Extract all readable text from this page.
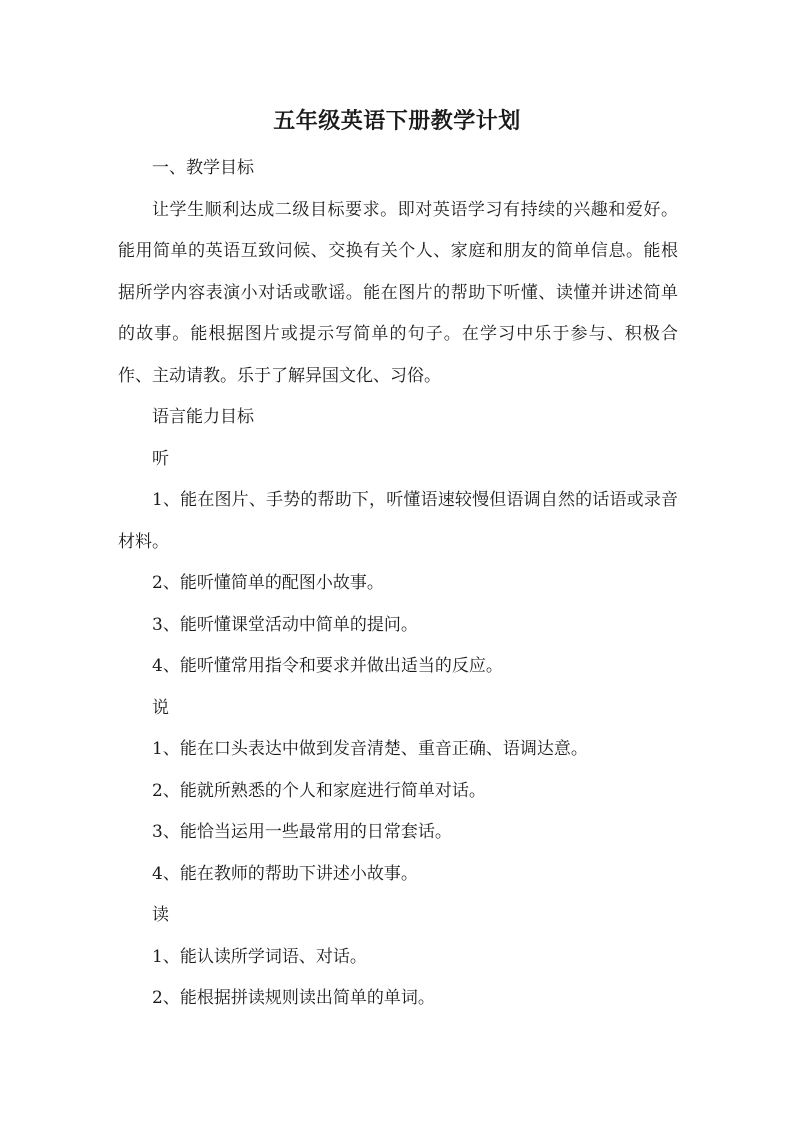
五年级英语下册教学计划

一、教学目标

让学生顺利达成二级目标要求。即对英语学习有持续的兴趣和爱好。能用简单的英语互致问候、交换有关个人、家庭和朋友的简单信息。能根据所学内容表演小对话或歌谣。能在图片的帮助下听懂、读懂并讲述简单的故事。能根据图片或提示写简单的句子。在学习中乐于参与、积极合作、主动请教。乐于了解异国文化、习俗。

语言能力目标

听

1、能在图片、手势的帮助下，听懂语速较慢但语调自然的话语或录音材料。

2、能听懂简单的配图小故事。

3、能听懂课堂活动中简单的提问。

4、能听懂常用指令和要求并做出适当的反应。

说

1、能在口头表达中做到发音清楚、重音正确、语调达意。

2、能就所熟悉的个人和家庭进行简单对话。

3、能恰当运用一些最常用的日常套话。

4、能在教师的帮助下讲述小故事。

读

1、能认读所学词语、对话。

2、能根据拼读规则读出简单的单词。
